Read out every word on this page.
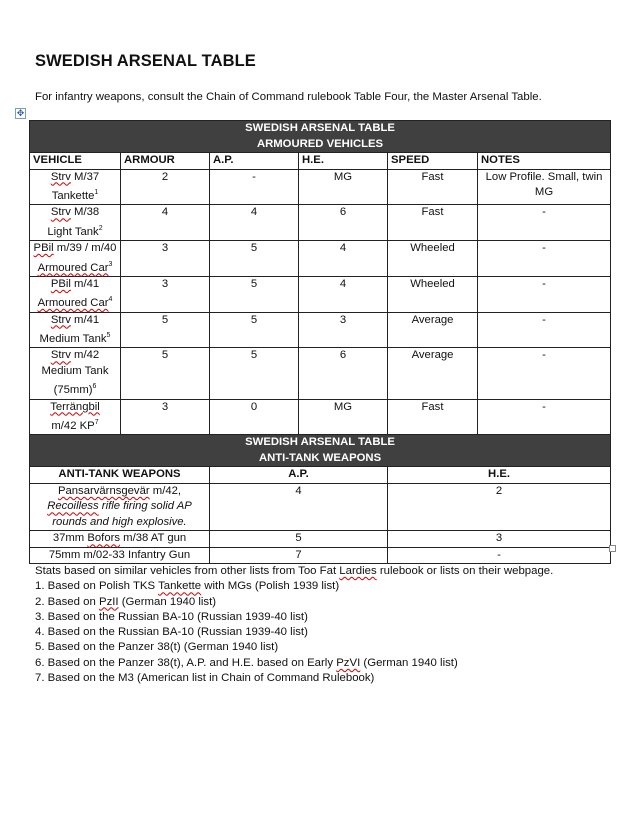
SWEDISH ARSENAL TABLE

For infantry weapons, consult the Chain of Command rulebook Table Four, the Master Arsenal Table.

✥
SWEDISH ARSENAL TABLE
ARMOURED VEHICLES					

VEHICLE	ARMOUR	A.P.	H.E.	SPEED	NOTES
Strv M/37
Tankette$^1$	2	-	MG	Fast	Low Profile. Small, twin MG
Strv M/38
Light Tank$^2$	4	4	6	Fast	-
PBil m/39 / m/40
Armoured Car$^3$	3	5	4	Wheeled	-
PBil m/41
Armoured Car$^4$	3	5	4	Wheeled	-
Strv m/41
Medium Tank$^5$	5	5	3	Average	-
Strv m/42
Medium Tank $(75mm)^6$	5	5	6	Average	-
Terrängbil
m/42 $KP^7$	3	0	MG	Fast	-

SWEDISH ARSENAL TABLE
ANTI-TANK WEAPONS					

ANTI-TANK WEAPONS		A.P.		H.E.	
Pansarvärnsgevär m/42,
Recoilless rifle firing solid AP rounds and high explosive.		4		2	
37mm Bofors m/38 AT gun		5		3	
75mm m/02-33 Infantry Gun		7		-	

Stats based on similar vehicles from other lists from Too Fat Lardies rulebook or lists on their webpage.

1. Based on Polish TKS Tankette with MGs (Polish 1939 list)

2. Based on PzII (German 1940 list)

3. Based on the Russian BA-10 (Russian 1939-40 list)

4. Based on the Russian BA-10 (Russian 1939-40 list)

5. Based on the Panzer 38(t) (German 1940 list)

6. Based on the Panzer 38(t), A.P. and H.E. based on Early PzVI (German 1940 list)

7. Based on the M3 (American list in Chain of Command Rulebook)
